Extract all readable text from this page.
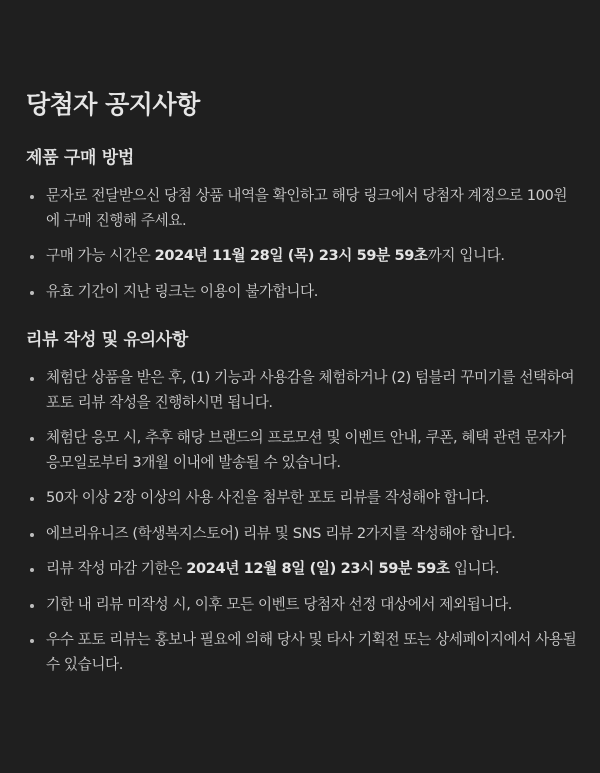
당첨자 공지사항
제품 구매 방법
문자로 전달받으신 당첨 상품 내역을 확인하고 해당 링크에서 당첨자 계정으로 100원에 구매 진행해 주세요.
구매 가능 시간은 2024년 11월 28일 (목) 23시 59분 59초까지 입니다.
유효 기간이 지난 링크는 이용이 불가합니다.
리뷰 작성 및 유의사항
체험단 상품을 받은 후, (1) 기능과 사용감을 체험하거나 (2) 텀블러 꾸미기를 선택하여 포토 리뷰 작성을 진행하시면 됩니다.
체험단 응모 시, 추후 해당 브랜드의 프로모션 및 이벤트 안내, 쿠폰, 혜택 관련 문자가 응모일로부터 3개월 이내에 발송될 수 있습니다.
50자 이상 2장 이상의 사용 사진을 첨부한 포토 리뷰를 작성해야 합니다.
에브리유니즈 (학생복지스토어) 리뷰 및 SNS 리뷰 2가지를 작성해야 합니다.
리뷰 작성 마감 기한은 2024년 12월 8일 (일) 23시 59분 59초 입니다.
기한 내 리뷰 미작성 시, 이후 모든 이벤트 당첨자 선정 대상에서 제외됩니다.
우수 포토 리뷰는 홍보나 필요에 의해 당사 및 타사 기획전 또는 상세페이지에서 사용될 수 있습니다.
